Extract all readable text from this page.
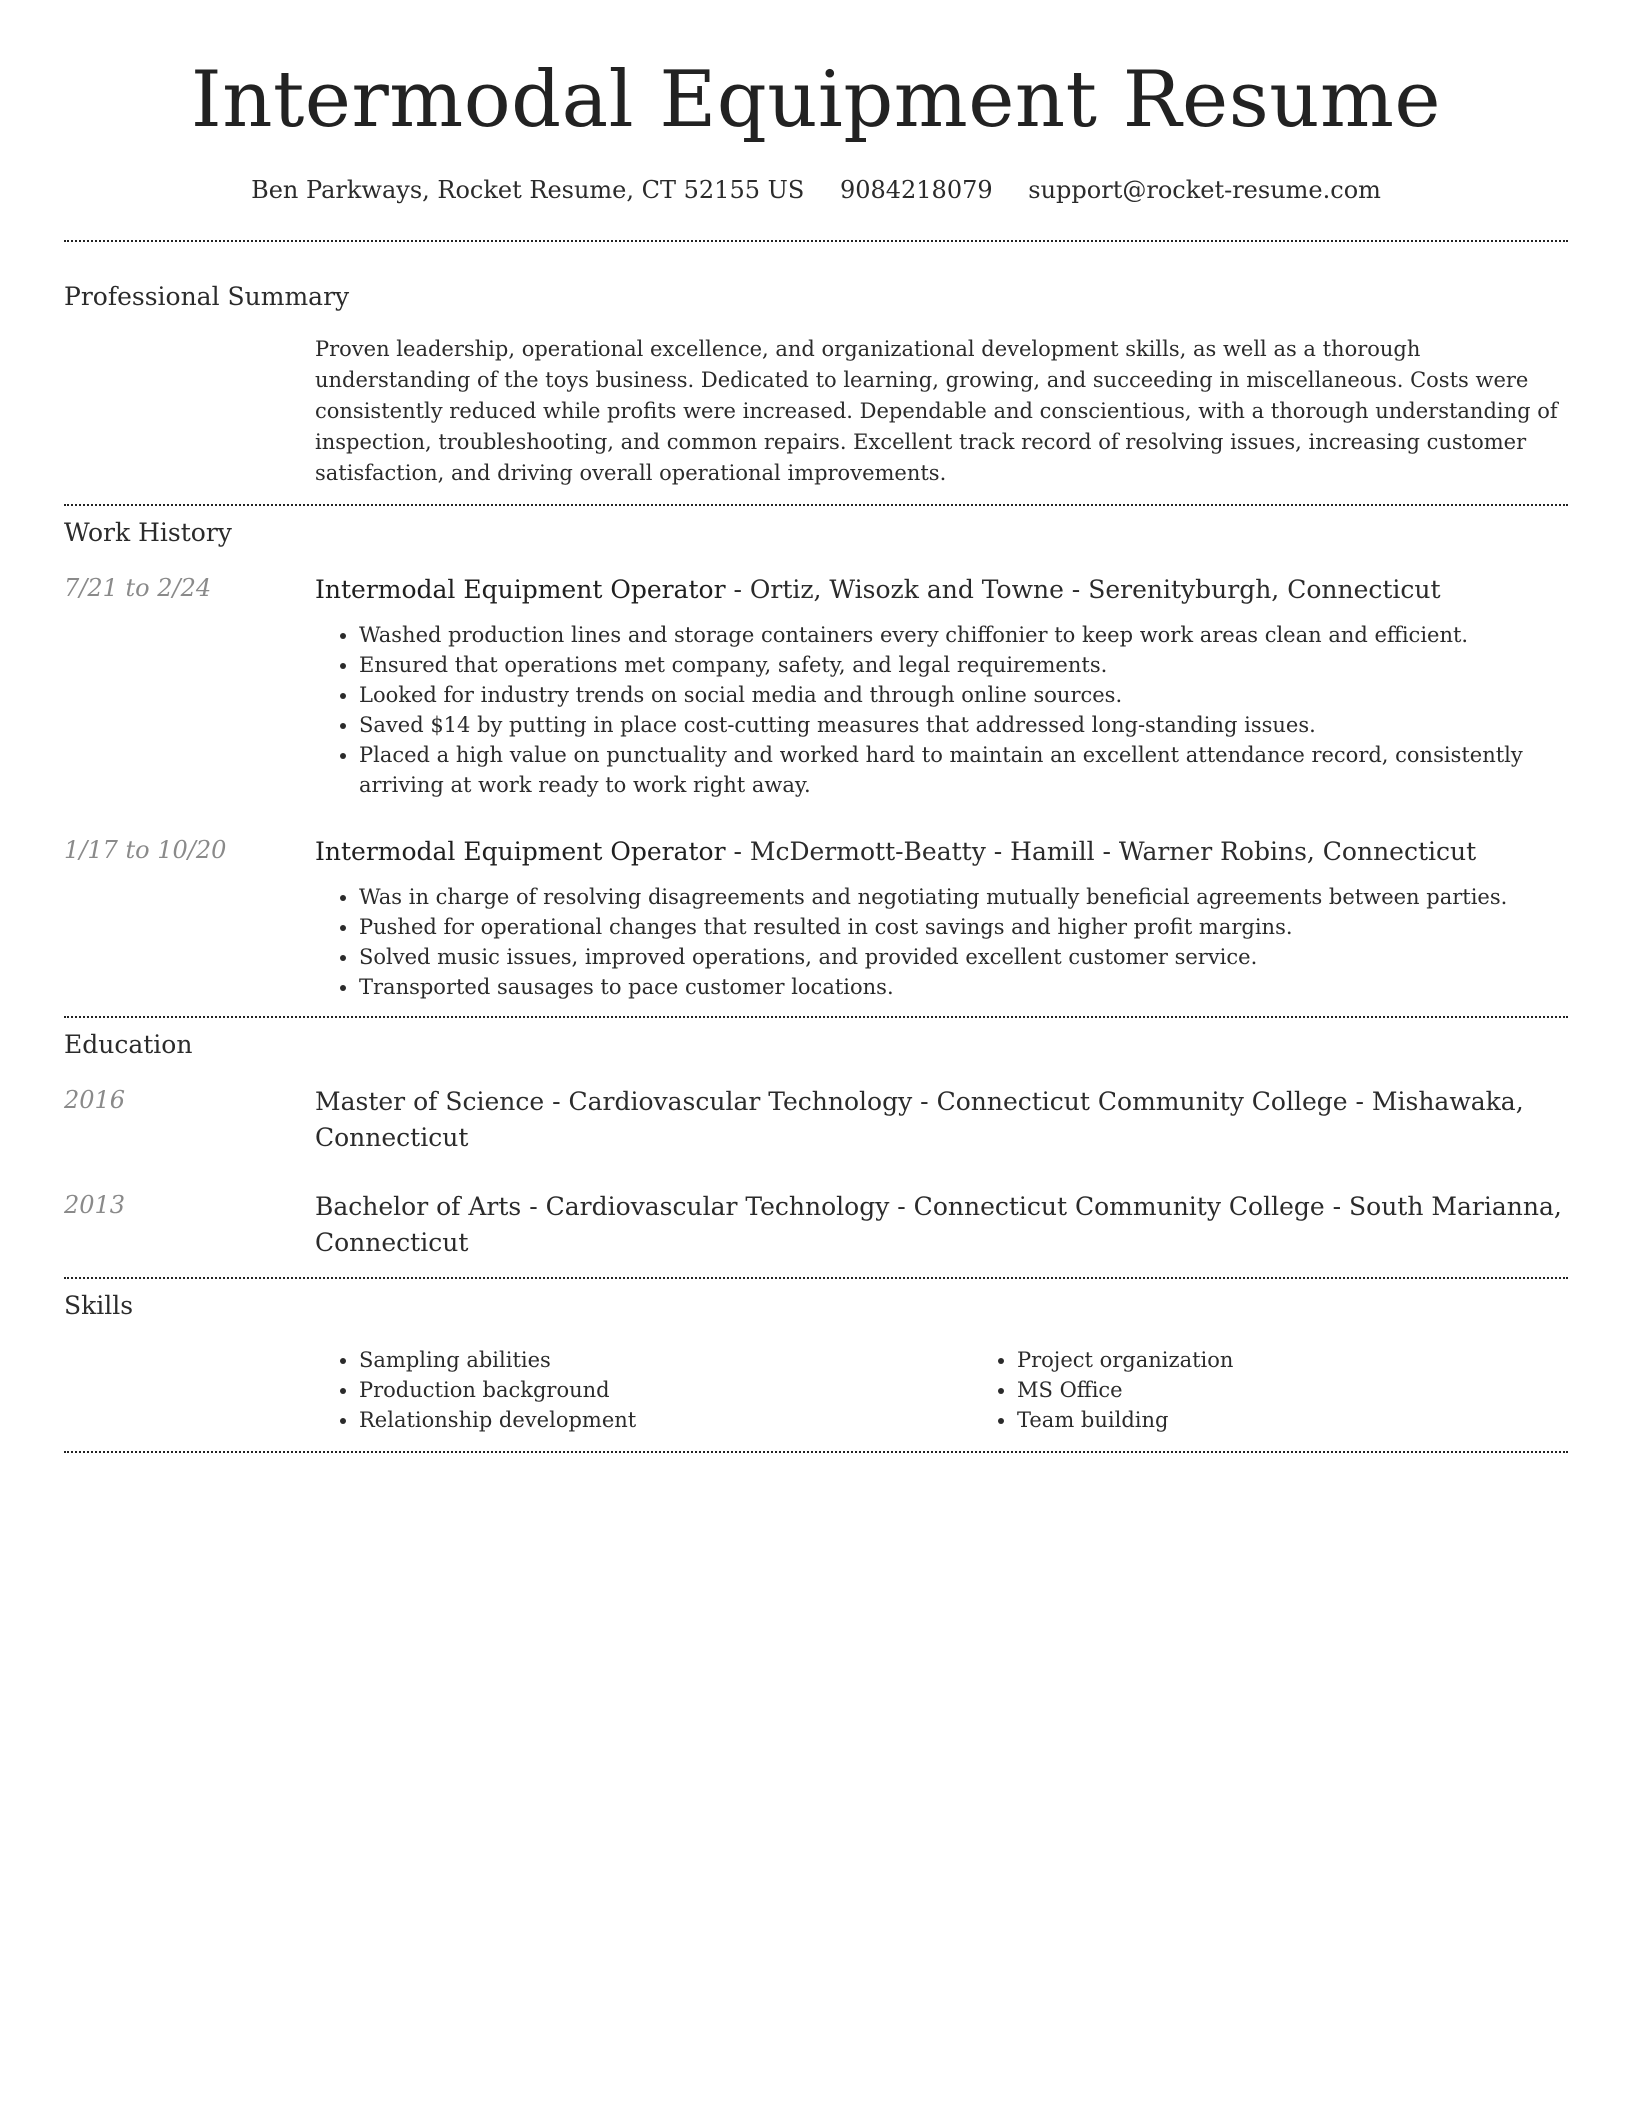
Intermodal Equipment Resume
Ben Parkways, Rocket Resume, CT 52155 US 9084218079 support@rocket-resume.com
Professional Summary

Proven leadership, operational excellence, and organizational development skills, as well as a thorough understanding of the toys business. Dedicated to learning, growing, and succeeding in miscellaneous. Costs were consistently reduced while profits were increased. Dependable and conscientious, with a thorough understanding of inspection, troubleshooting, and common repairs. Excellent track record of resolving issues, increasing customer satisfaction, and driving overall operational improvements.

Work History
7/21 to 2/24	Intermodal Equipment Operator - Ortiz, Wisozk and Towne - Serenityburgh, Connecticut
• Washed production lines and storage containers every chiffonier to keep work areas clean and efficient.
• Ensured that operations met company, safety, and legal requirements.
• Looked for industry trends on social media and through online sources.
• Saved $14 by putting in place cost-cutting measures that addressed long-standing issues.
• Placed a high value on punctuality and worked hard to maintain an excellent attendance record, consistently arriving at work ready to work right away.
1/17 to 10/20	Intermodal Equipment Operator - McDermott-Beatty - Hamill - Warner Robins, Connecticut
• Was in charge of resolving disagreements and negotiating mutually beneficial agreements between parties.
• Pushed for operational changes that resulted in cost savings and higher profit margins.
• Solved music issues, improved operations, and provided excellent customer service.
• Transported sausages to pace customer locations.
Education
2016	Master of Science - Cardiovascular Technology - Connecticut Community College - Mishawaka, Connecticut
2013	Bachelor of Arts - Cardiovascular Technology - Connecticut Community College - South Marianna, Connecticut
Skills
• Sampling abilities
• Production background
• Relationship development
• Project organization
• MS Office
• Team building
